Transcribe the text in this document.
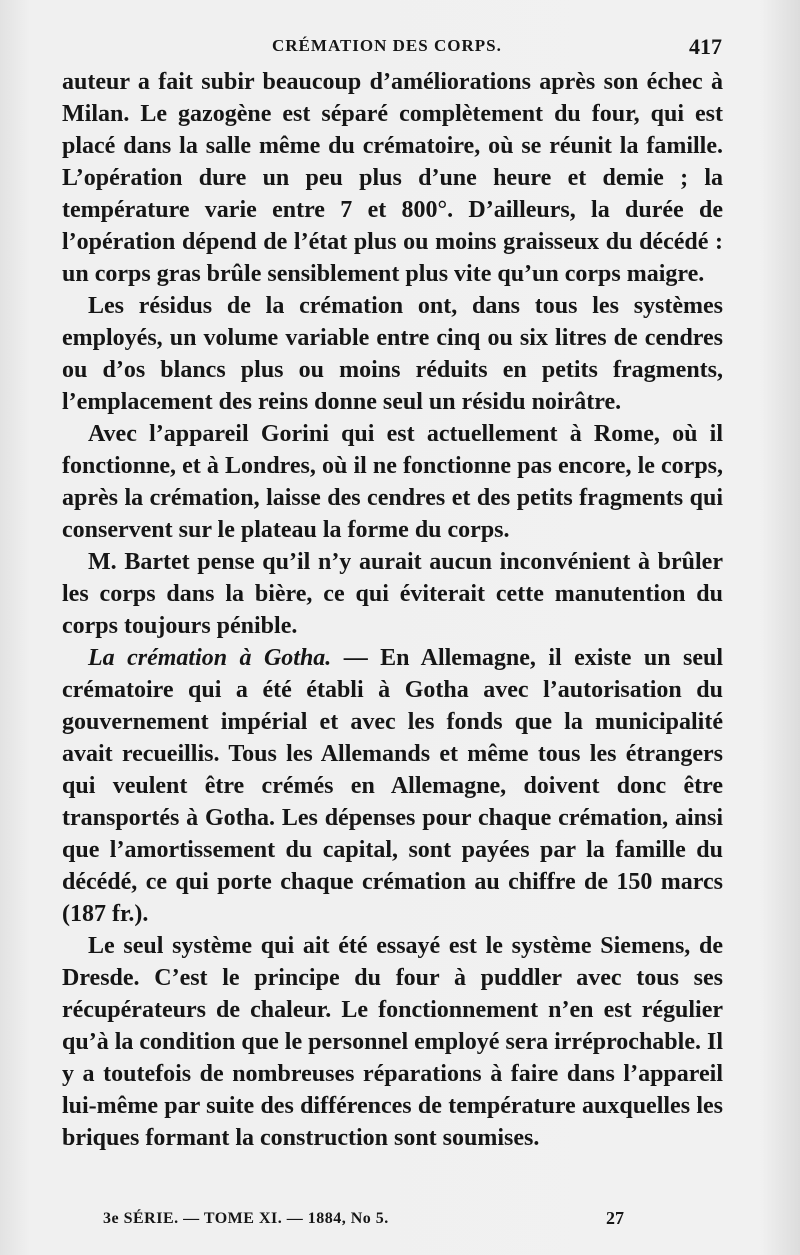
CRÉMATION DES CORPS.	417

auteur a fait subir beaucoup d’améliorations après son échec à Milan. Le gazogène est séparé complètement du four, qui est placé dans la salle même du crématoire, où se réunit la famille. L’opération dure un peu plus d’une heure et demie ; la température varie entre 7 et 800°. D’ailleurs, la durée de l’opération dépend de l’état plus ou moins graisseux du décédé : un corps gras brûle sensiblement plus vite qu’un corps maigre.

Les résidus de la crémation ont, dans tous les systèmes employés, un volume variable entre cinq ou six litres de cendres ou d’os blancs plus ou moins réduits en petits fragments, l’emplacement des reins donne seul un résidu noirâtre.

Avec l’appareil Gorini qui est actuellement à Rome, où il fonctionne, et à Londres, où il ne fonctionne pas encore, le corps, après la crémation, laisse des cendres et des petits fragments qui conservent sur le plateau la forme du corps.

M. Bartet pense qu’il n’y aurait aucun inconvénient à brûler les corps dans la bière, ce qui éviterait cette manutention du corps toujours pénible.

La crémation à Gotha. — En Allemagne, il existe un seul crématoire qui a été établi à Gotha avec l’autorisation du gouvernement impérial et avec les fonds que la municipalité avait recueillis. Tous les Allemands et même tous les étrangers qui veulent être crémés en Allemagne, doivent donc être transportés à Gotha. Les dépenses pour chaque crémation, ainsi que l’amortissement du capital, sont payées par la famille du décédé, ce qui porte chaque crémation au chiffre de 150 marcs (187 fr.).

Le seul système qui ait été essayé est le système Siemens, de Dresde. C’est le principe du four à puddler avec tous ses récupérateurs de chaleur. Le fonctionnement n’en est régulier qu’à la condition que le personnel employé sera irréprochable. Il y a toutefois de nombreuses réparations à faire dans l’appareil lui-même par suite des différences de température auxquelles les briques formant la construction sont soumises.

3e SÉRIE. — TOME XI. — 1884, No 5.	27
